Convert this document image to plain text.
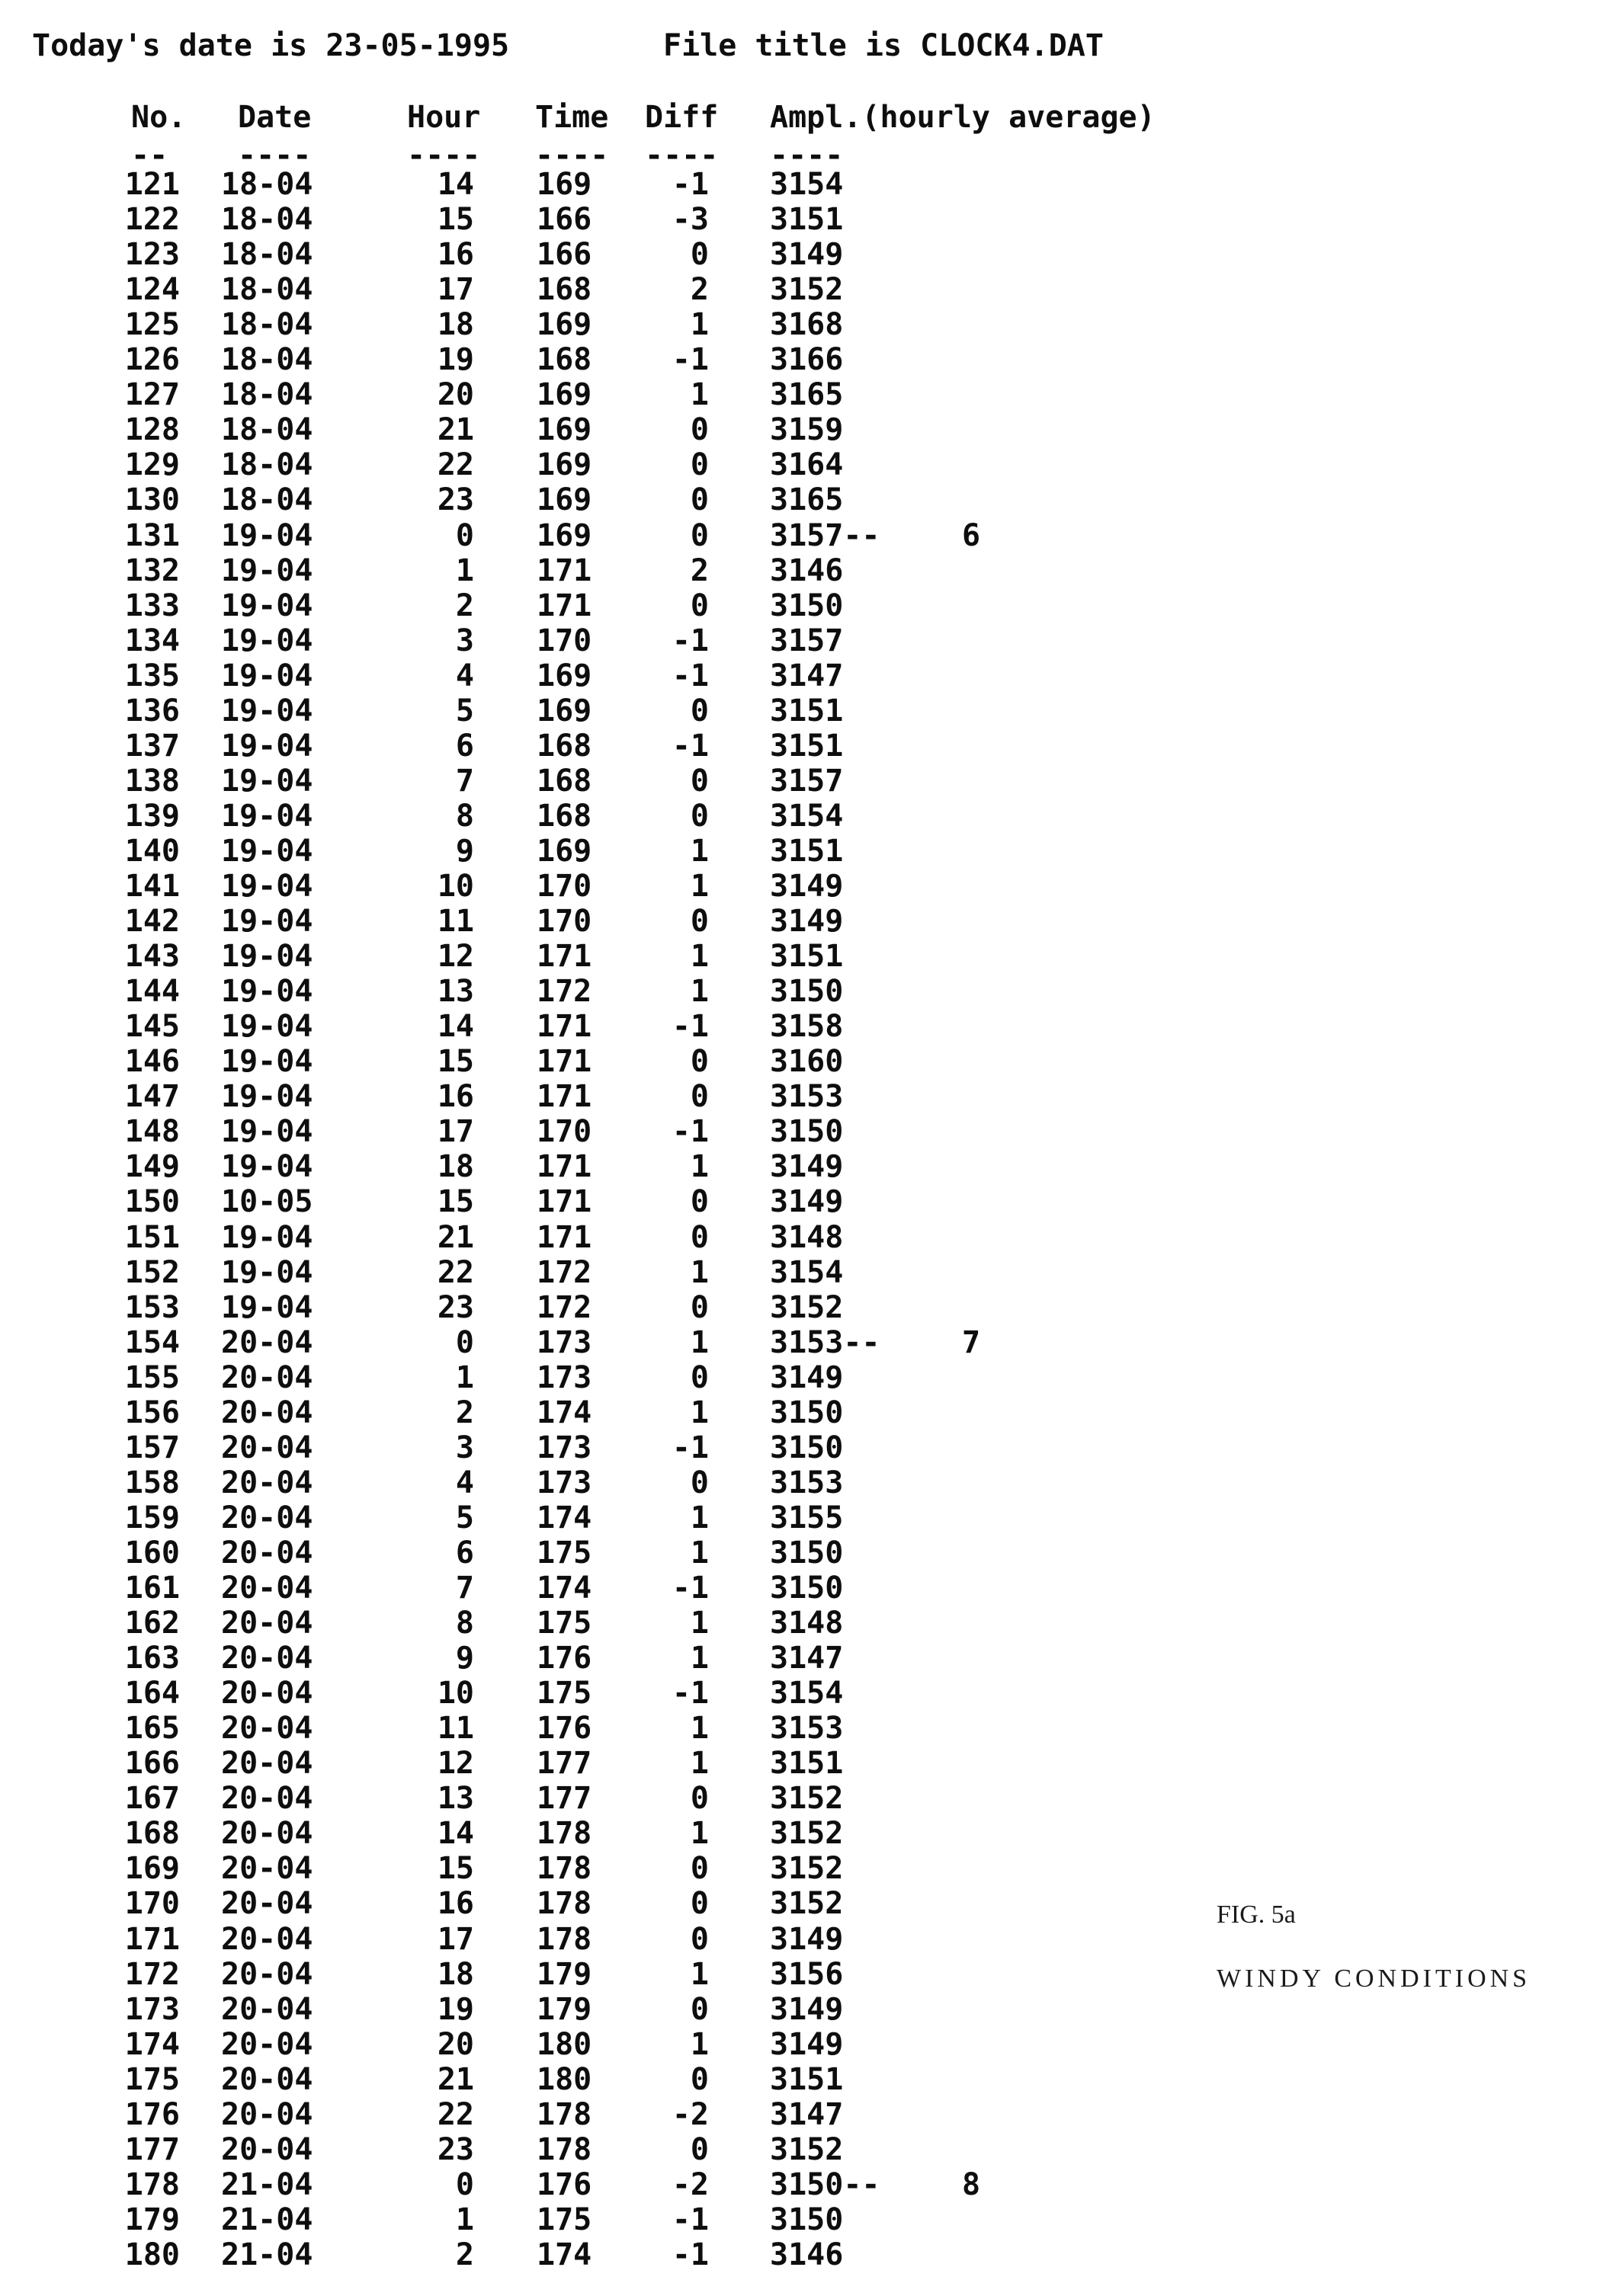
Today's date is 23-05-1995	File title is CLOCK4.DAT
No. Date	Hour Time Diff Ampl.(hourly average)
-- ----	---- ---- ---- ----
121 18-04	14 169	-1 3154
122 18-04	15 166	-3 3151
123 18-04	16 166	0 3149
124 18-04	17 168	2 3152
125 18-04	18 169	1 3168
126 18-04	19 168	-1 3166
127 18-04	20 169	1 3165
128 18-04	21 169	0 3159
129 18-04	22 169	0 3164
130 18-04	23 169	0 3165
131 19-04	0 169	0 3157--	6
132 19-04	1 171	2 3146
133 19-04	2 171	0 3150
134 19-04	3 170	-1 3157
135 19-04	4 169	-1 3147
136 19-04	5 169	0 3151
137 19-04	6 168	-1 3151
138 19-04	7 168	0 3157
139 19-04	8 168	0 3154
140 19-04	9 169	1 3151
141 19-04	10 170	1 3149
142 19-04	11 170	0 3149
143 19-04	12 171	1 3151
144 19-04	13 172	1 3150
145 19-04	14 171	-1 3158
146 19-04	15 171	0 3160
147 19-04	16 171	0 3153
148 19-04	17 170	-1 3150
149 19-04	18 171	1 3149
150 10-05	15 171	0 3149
151 19-04	21 171	0 3148
152 19-04	22 172	1 3154
153 19-04	23 172	0 3152
154 20-04	0 173	1 3153--	7
155 20-04	1 173	0 3149
156 20-04	2 174	1 3150
157 20-04	3 173	-1 3150
158 20-04	4 173	0 3153
159 20-04	5 174	1 3155
160 20-04	6 175	1 3150
161 20-04	7 174	-1 3150
162 20-04	8 175	1 3148
163 20-04	9 176	1 3147
164 20-04	10 175	-1 3154
165 20-04	11 176	1 3153
166 20-04	12 177	1 3151
167 20-04	13 177	0 3152
168 20-04	14 178	1 3152
169 20-04	15 178	0 3152
170 20-04	16 178	0 3152
171 20-04	17 178	0 3149
172 20-04	18 179	1 3156
173 20-04	19 179	0 3149
174 20-04	20 180	1 3149
175 20-04	21 180	0 3151
176 20-04	22 178	-2 3147
177 20-04	23 178	0 3152
178 21-04	0 176	-2 3150--	8
179 21-04	1 175	-1 3150
180 21-04	2 174	-1 3146
FIG. 5a
WINDY CONDITIONS
